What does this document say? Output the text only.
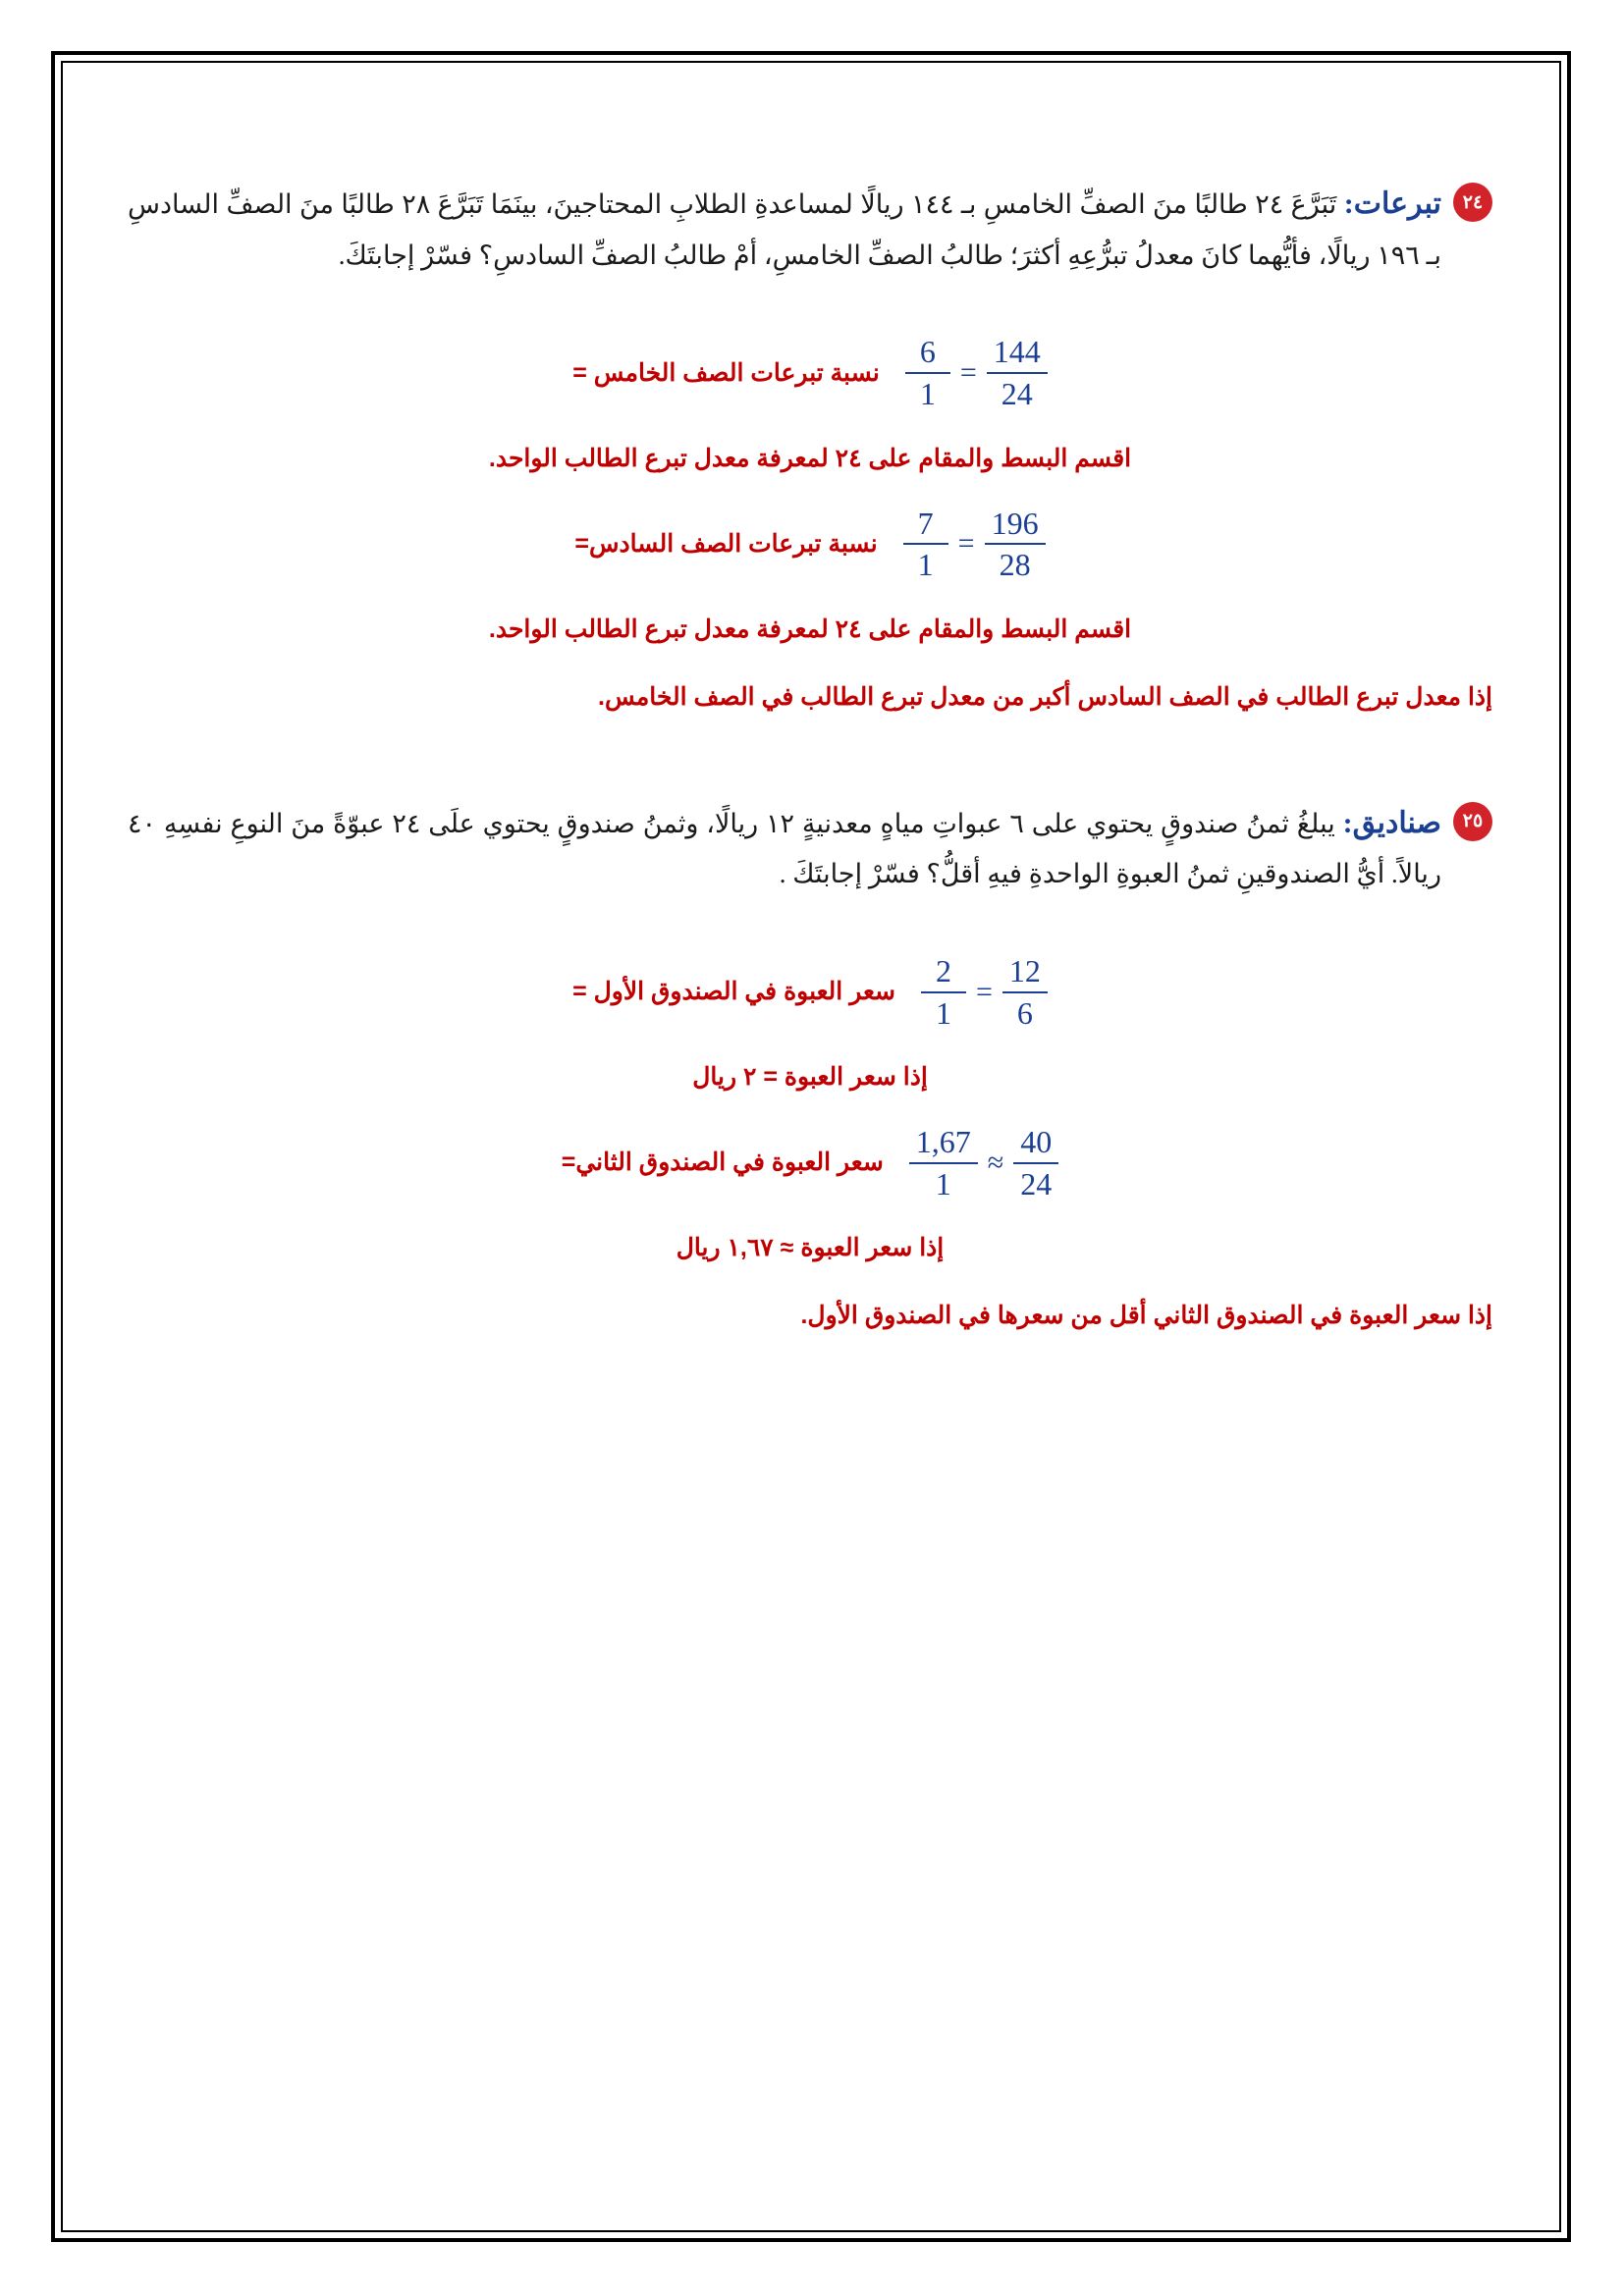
٢٤
تبرعات: تَبَرَّعَ ٢٤ طالبًا منَ الصفِّ الخامسِ بـ ١٤٤ ريالًا لمساعدةِ الطلابِ المحتاجينَ، بينَمَا تَبَرَّعَ ٢٨ طالبًا منَ الصفِّ السادسِ بـ ١٩٦ ريالًا، فأيُّهما كانَ معدلُ تبرُّعِهِ أكثرَ؛ طالبُ الصفِّ الخامسِ، أمْ طالبُ الصفِّ السادسِ؟ فسّرْ إجابتَكَ.
$\frac{6}{1} = \frac{144}{24}$
نسبة تبرعات الصف الخامس =
اقسم البسط والمقام على ٢٤ لمعرفة معدل تبرع الطالب الواحد.
$\frac{7}{1} = \frac{196}{28}$
نسبة تبرعات الصف السادس=
اقسم البسط والمقام على ٢٤ لمعرفة معدل تبرع الطالب الواحد.
إذا معدل تبرع الطالب في الصف السادس أكبر من معدل تبرع الطالب في الصف الخامس.
٢٥
صناديق: يبلغُ ثمنُ صندوقٍ يحتوي على ٦ عبواتِ مياهٍ معدنيةٍ ١٢ ريالًا، وثمنُ صندوقٍ يحتوي علَى ٢٤ عبوّةً منَ النوعِ نفسِهِ ٤٠ ريالاً. أيُّ الصندوقينِ ثمنُ العبوةِ الواحدةِ فيهِ أقلُّ؟ فسّرْ إجابتَكَ .
$\frac{2}{1} = \frac{12}{6}$
سعر العبوة في الصندوق الأول =
إذا سعر العبوة = ٢ ريال
$\frac{1,67}{1} \approx \frac{40}{24}$
سعر العبوة في الصندوق الثاني=
إذا سعر العبوة ≈ ١,٦٧ ريال
إذا سعر العبوة في الصندوق الثاني أقل من سعرها في الصندوق الأول.
